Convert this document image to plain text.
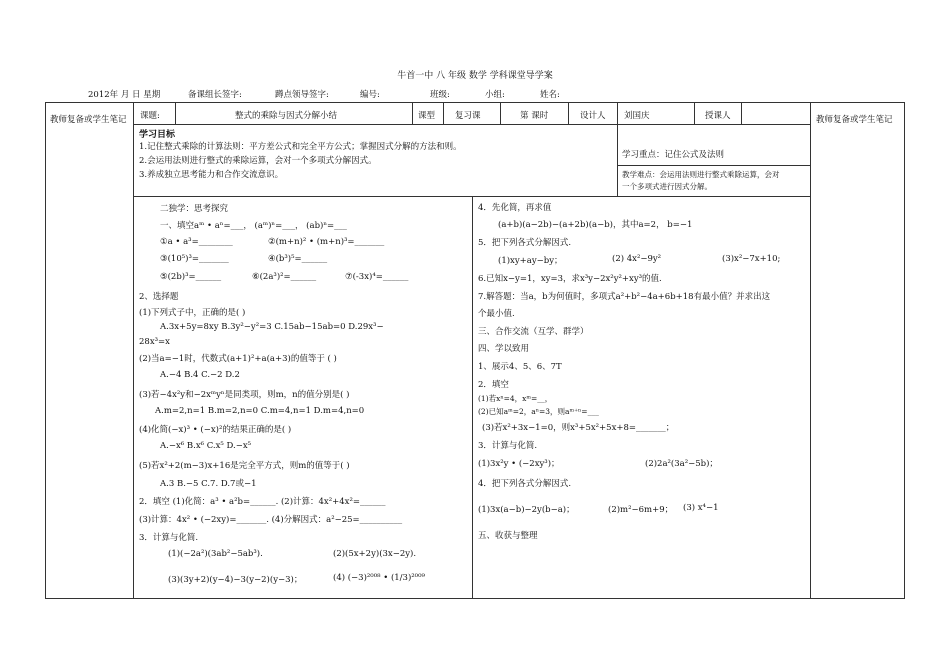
牛首一中 八 年级 数学 学科课堂导学案
2012年 月 日 星期	备课组长签字:	蹲点领导签字:	编号:	班级:	小组:	姓名:
教师复备或学生笔记	教师复备或学生笔记
课题:	整式的乘除与因式分解小结	课型 复习课	第 课时	设计人 刘国庆	授课人
学习目标
1.记住整式乘除的计算法则：平方差公式和完全平方公式；掌握因式分解的方法和则。
2.会运用法则进行整式的乘除运算，会对一个多项式分解因式。
3.养成独立思考能力和合作交流意识。
学习重点：记住公式及法则
教学难点：会运用法则进行整式乘除运算，会对
一个多项式进行因式分解。
二独学：思考探究
一、填空aᵐ • aⁿ=___， (aᵐ)ⁿ=___， (ab)ⁿ=___
①a • a³=________	②(m+n)² • (m+n)³=_______
③(10⁵)³=_______	④(b³)⁵=______
⑤(2b)³=______	⑥(2a³)²=______	⑦(-3x)⁴=______
2、选择题
(1)下列式子中，正确的是( )
A.3x+5y=8xy B.3y²−y²=3 C.15ab−15ab=0 D.29x³−
28x³=x
(2)当a=−1时，代数式(a+1)²+a(a+3)的值等于 ( )
A.−4 B.4 C.−2 D.2
(3)若−4x²y和−2xᵐyⁿ是同类项，则m，n的值分别是( )
A.m=2,n=1 B.m=2,n=0 C.m=4,n=1 D.m=4,n=0
(4)化简(−x)³ • (−x)²的结果正确的是( )
A.−x⁶ B.x⁶ C.x⁵ D.−x⁵
(5)若x²+2(m−3)x+16是完全平方式，则m的值等于( )
A.3 B.−5 C.7. D.7或−1
2．填空 (1)化简：a³ • a²b=______. (2)计算：4x²+4x²=______
(3)计算：4x² • (−2xy)=_______. (4)分解因式：a²−25=__________
3．计算与化简.
(1)(−2a²)(3ab²−5ab³).	(2)(5x+2y)(3x−2y).
(3)(3y+2)(y−4)−3(y−2)(y−3)；	(4) (−3)²⁰⁰⁸ • (1/3)²⁰⁰⁹
4．先化简，再求值
(a+b)(a−2b)−(a+2b)(a−b)，其中a=2， b=−1
5．把下列各式分解因式.
(1)xy+ay−by；	(2) 4x²−9y²	(3)x²−7x+10;
6.已知x−y=1，xy=3，求x³y−2x²y²+xy³的值.
7.解答题：当a，b为何值时，多项式a²+b²−4a+6b+18有最小值？并求出这
个最小值.
三、合作交流（互学、群学）
四、学以致用
1、展示4、5、6、7T
2．填空
(1)若xⁿ=4，xᵐ=__，
(2)已知aᵐ=2，aⁿ=3，则aᵐ⁺ⁿ=___
(3)若x²+3x−1=0，则x³+5x²+5x+8=_______；
3．计算与化简.
(1)3x²y • (−2xy³)；	(2)2a²(3a²−5b)；
4．把下列各式分解因式.
(1)3x(a−b)−2y(b−a)；	(2)m²−6m+9； (3) x⁴−1
五、收获与整理
